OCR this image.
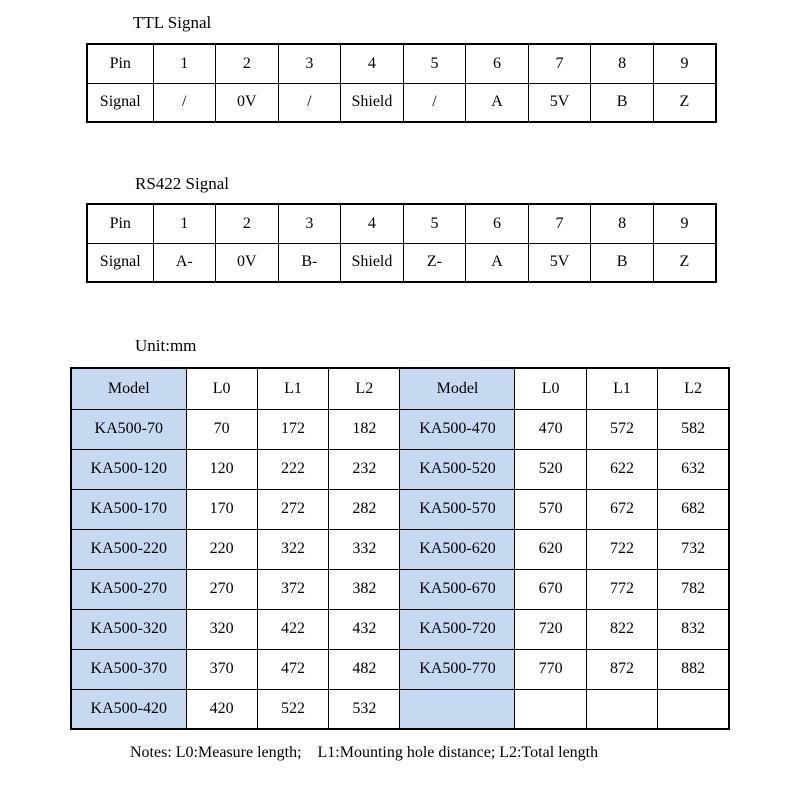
TTL Signal
Pin	1	2	3	4	5	6	7	8	9
Signal	/	0V	/	Shield	/	A	5V	B	Z
RS422 Signal
Pin	1	2	3	4	5	6	7	8	9
Signal	A-	0V	B-	Shield	Z-	A	5V	B	Z
Unit:mm
Model	L0	L1	L2	Model	L0	L1	L2
KA500-70	70	172	182	KA500-470	470	572	582
KA500-120	120	222	232	KA500-520	520	622	632
KA500-170	170	272	282	KA500-570	570	672	682
KA500-220	220	322	332	KA500-620	620	722	732
KA500-270	270	372	382	KA500-670	670	772	782
KA500-320	320	422	432	KA500-720	720	822	832
KA500-370	370	472	482	KA500-770	770	872	882
KA500-420	420	522	532				
Notes: L0:Measure length;    L1:Mounting hole distance; L2:Total length
